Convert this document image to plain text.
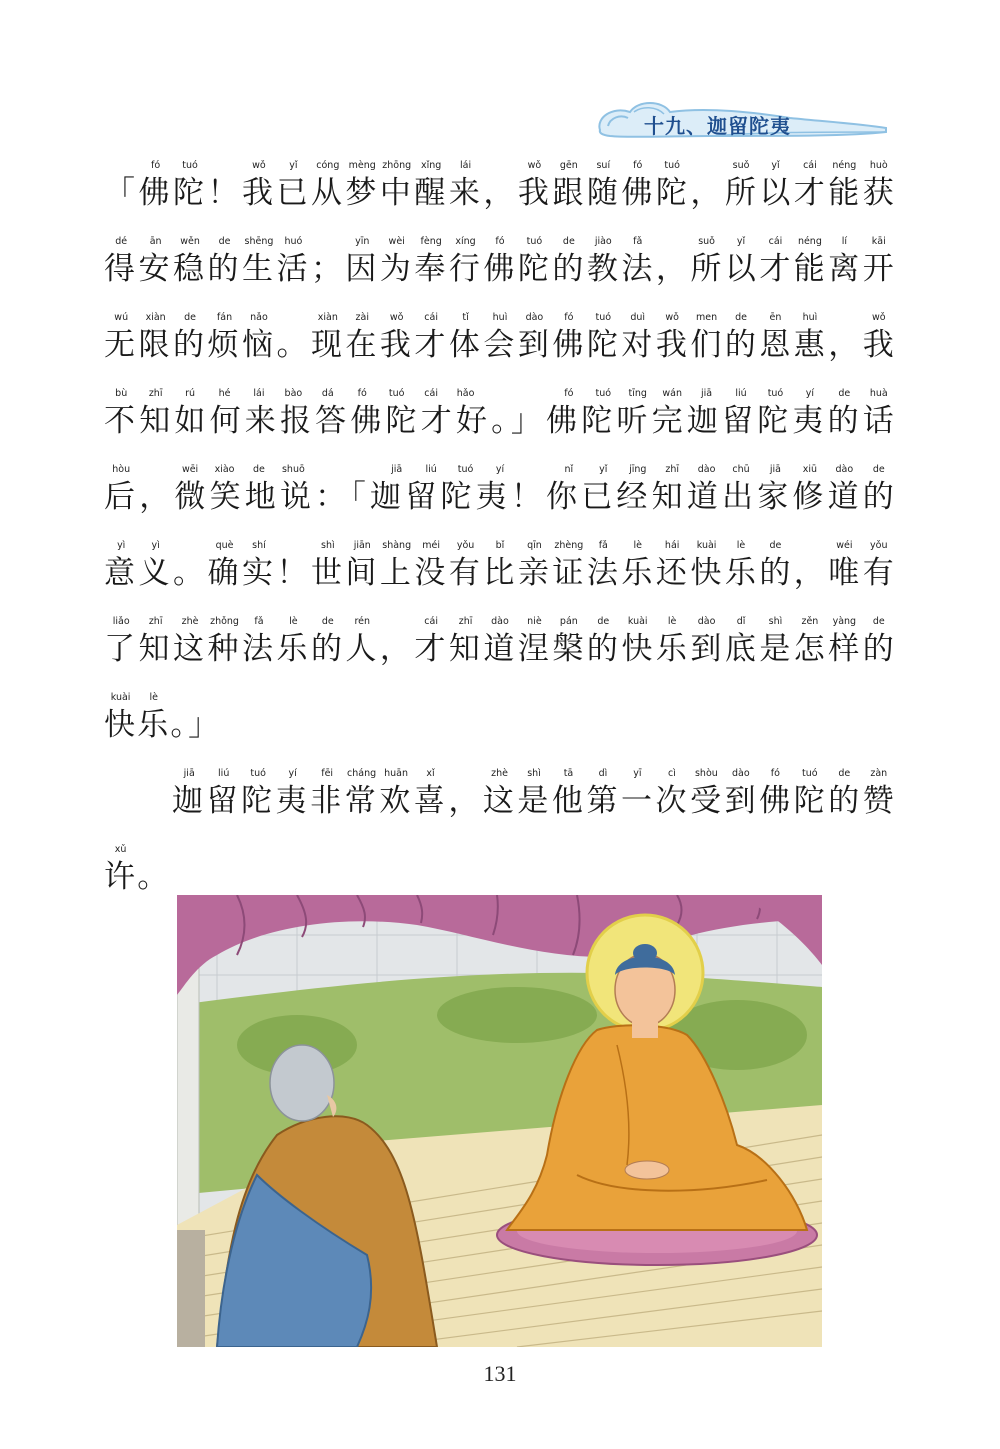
十九、迦留陀夷
「佛陀！我已从梦中醒来，我跟随佛陀，所以才能获
fó	tuó	wǒ	yǐ	cóng mèng zhōng	xǐng	lái	wǒ	gēn	suí	fó	tuó	suǒ	yǐ	cái	néng	huò
得安稳的生活；因为奉行佛陀的教法，所以才能离开
dé	ān	wěn	de	shēng	huó	yīn	wèi	fèng	xíng	fó	tuó	de	jiào	fǎ	suǒ	yǐ	cái	néng	lí	kāi
无限的烦恼。现在我才体会到佛陀对我们的恩惠，我
wú	xiàn	de	fán	nǎo	xiàn	zài	wǒ	cái	tǐ	huì	dào	fó	tuó	duì	wǒ	men	de	ēn	huì	wǒ
不知如何来报答佛陀才好。」佛陀听完迦留陀夷的话
bù	zhī	rú	hé	lái	bào	dá	fó	tuó	cái	hǎo	fó	tuó	tīng	wán	jiā	liú	tuó	yí	de	huà
后，微笑地说：「迦留陀夷！你已经知道出家修道的
hòu	wēi	xiào	de	shuō	jiā	liú	tuó	yí	nǐ	yǐ	jīng	zhī	dào	chū	jiā	xiū	dào	de
意义。确实！世间上没有比亲证法乐还快乐的，唯有
yì	yì	què	shí	shì	jiān	shàng	méi	yǒu	bǐ	qīn	zhèng	fǎ	lè	hái	kuài	lè	de	wéi	yǒu
了知这种法乐的人，才知道涅槃的快乐到底是怎样的
liǎo	zhī	zhè	zhǒng	fǎ	lè	de	rén	cái	zhī	dào	niè	pán	de	kuài	lè	dào	dǐ	shì	zěn	yàng	de
快乐。」
kuài	lè
迦留陀夷非常欢喜，这是他第一次受到佛陀的赞
jiā	liú	tuó	yí	fēi	cháng huān	xǐ	zhè	shì	tā	dì	yī	cì	shòu	dào	fó	tuó	de	zàn
许。
xǔ
131
